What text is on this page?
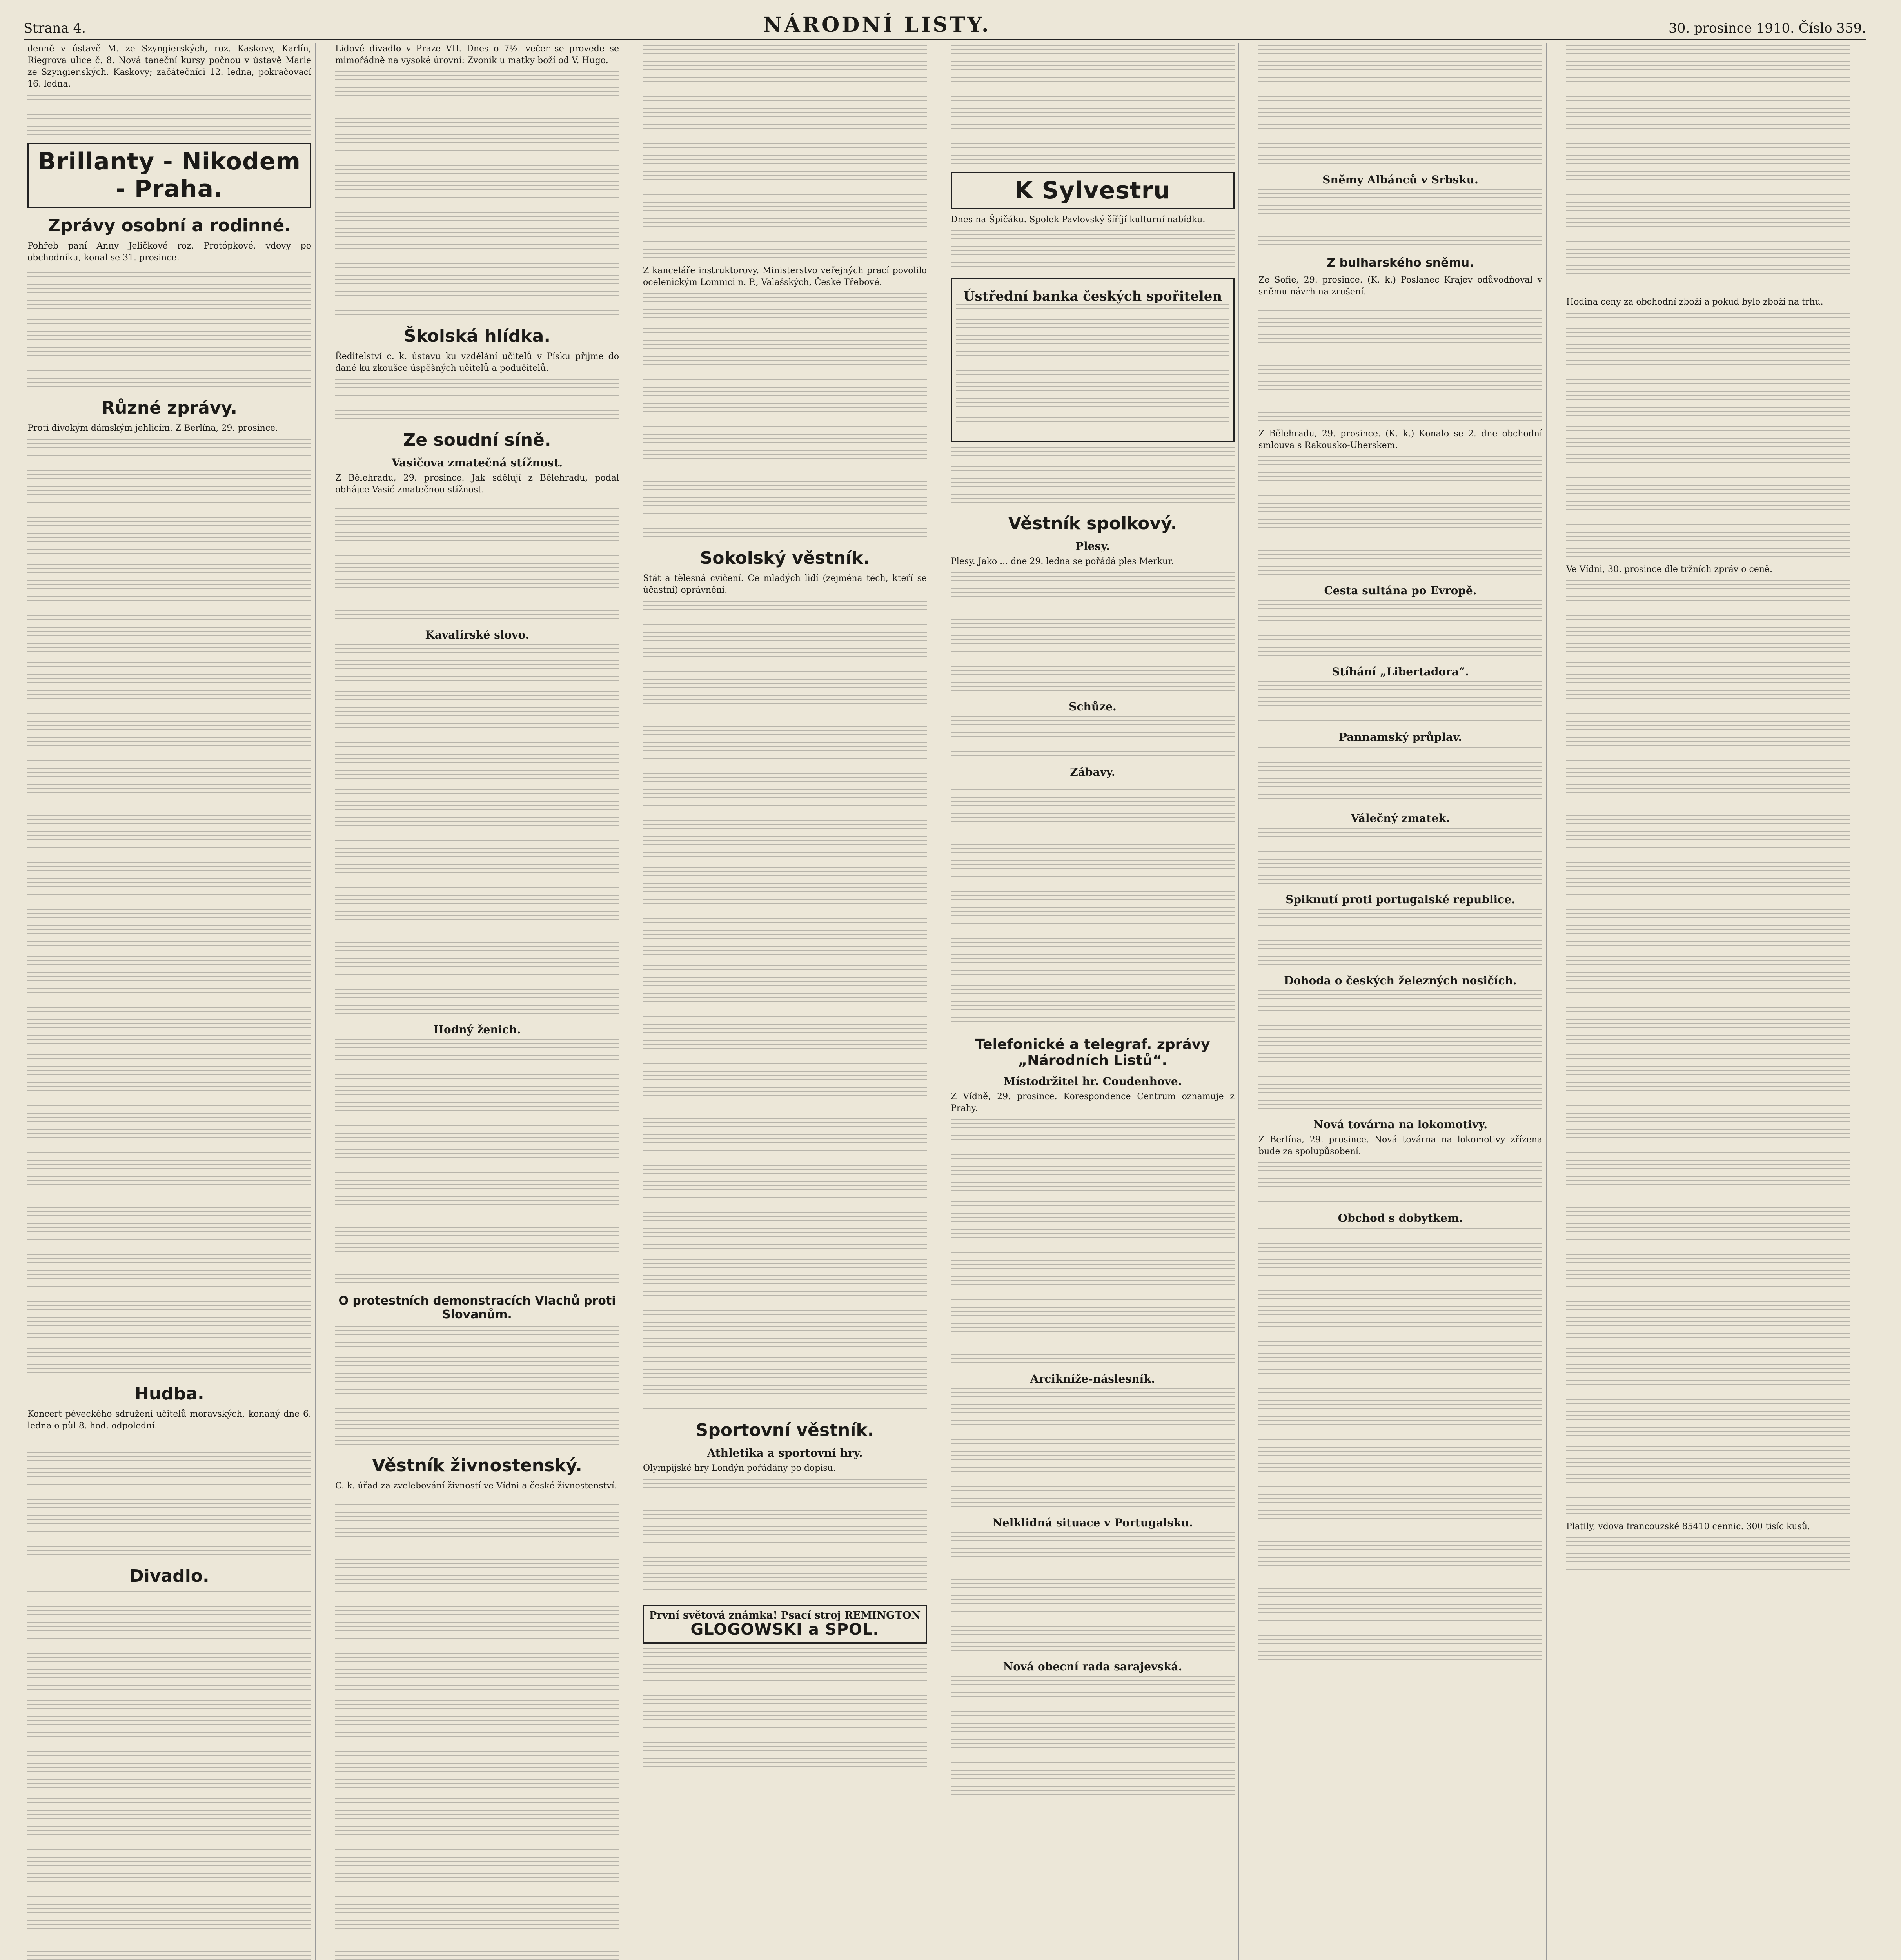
Strana 4.	NÁRODNÍ LISTY.	30. prosince 1910. Číslo 359.

denně v ústavě M. ze Szyngierských, roz. Kaskovy, Karlín, Riegrova ulice č. 8. Nová taneční kursy počnou v ústavě Marie ze Szyngier.ských. Kaskovy; začátečníci 12. ledna, pokračovací 16. ledna.

Brillanty - Nikodem - Praha.
Zprávy osobní a rodinné.

Pohřeb paní Anny Jeličkové roz. Protópkové, vdovy po obchodníku, konal se 31. prosince.

Různé zprávy.

Proti divokým dámským jehlicím. Z Berlína, 29. prosince.

Hudba.

Koncert pěveckého sdružení učitelů moravských, konaný dne 6. ledna o půl 8. hod. odpolední.

Divadlo.

Lidové divadlo v Praze VII. Dnes o 7½. večer se provede se mimořádně na vysoké úrovni: Zvonik u matky boží od V. Hugo.

Školská hlídka.

Ředitelství c. k. ústavu ku vzdělání učitelů v Písku přijme do dané ku zkoušce úspěšných učitelů a podučitelů.

Ze soudní síně.
Vasičova zmatečná stížnost.

Z Bělehradu, 29. prosince. Jak sdělují z Bělehradu, podal obhájce Vasić zmatečnou stížnost.

Kavalírské slovo.
Hodný ženich.
O protestních demonstracích Vlachů proti Slovanům.
Věstník živnostenský.

C. k. úřad za zvelebování živností ve Vídni a české živnostenství.

Z kanceláře instruktorovy. Ministerstvo veřejných prací povolilo ocelenickým Lomnici n. P., Valašských, České Třebové.

Sokolský věstník.

Stát a tělesná cvičení. Ce mladých lidí (zejména těch, kteří se účastní) oprávněni.

Sportovní věstník.
Athletika a sportovní hry.

Olympijské hry Londýn pořádány po dopisu.

První světová známka! Psací stroj REMINGTON
GLOGOWSKI a SPOL.
K Sylvestru

Dnes na Špičáku. Spolek Pavlovský šíříjí kulturní nabídku.

Ústřední banka českých spořitelen
Věstník spolkový.
Plesy.

Plesy. Jako ... dne 29. ledna se pořádá ples Merkur.

Schůze.
Zábavy.
Telefonické a telegraf. zprávy „Národních Listů“.
Místodržitel hr. Coudenhove.

Z Vídně, 29. prosince. Korespondence Centrum oznamuje z Prahy.

Arcikníže-náslesník.
Nelklidná situace v Portugalsku.
Nová obecní rada sarajevská.
Sněmy Albánců v Srbsku.
Z bulharského sněmu.

Ze Sofie, 29. prosince. (K. k.) Poslanec Krajev odůvodňoval v sněmu návrh na zrušení.

Z Bělehradu, 29. prosince. (K. k.) Konalo se 2. dne obchodní smlouva s Rakousko-Uherskem.

Cesta sultána po Evropě.
Stíhání „Libertadora“.
Pannamský průplav.
Válečný zmatek.
Spiknutí proti portugalské republice.
Dohoda o českých železných nosičích.
Nová továrna na lokomotivy.

Z Berlína, 29. prosince. Nová továrna na lokomotivy zřízena bude za spolupůsobení.

Obchod s dobytkem.

Hodina ceny za obchodní zboží a pokud bylo zboží na trhu.

Ve Vídni, 30. prosince dle tržních zpráv o ceně.

Platily, vdova francouzské 85410 cennic. 300 tisíc kusů.
